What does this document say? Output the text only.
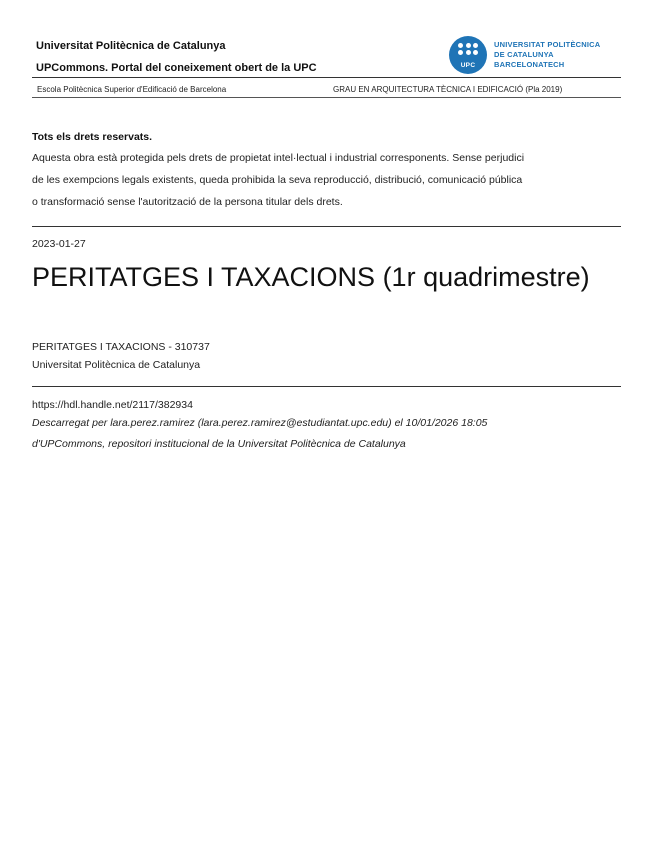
Universitat Politècnica de Catalunya
UPCommons. Portal del coneixement obert de la UPC	UPC
UNIVERSITAT POLITÈCNICA
DE CATALUNYA
BARCELONATECH
Escola Politècnica Superior d'Edificació de Barcelona	GRAU EN ARQUITECTURA TÈCNICA I EDIFICACIÓ (Pla 2019)
Tots els drets reservats.
Aquesta obra està protegida pels drets de propietat intel·lectual i industrial corresponents. Sense perjudici
de les exempcions legals existents, queda prohibida la seva reproducció, distribució, comunicació pública
o transformació sense l'autorització de la persona titular dels drets.
2023-01-27
PERITATGES I TAXACIONS (1r quadrimestre)
PERITATGES I TAXACIONS - 310737
Universitat Politècnica de Catalunya
https://hdl.handle.net/2117/382934
Descarregat per lara.perez.ramirez (lara.perez.ramirez@estudiantat.upc.edu) el 10/01/2026 18:05
d'UPCommons, repositori institucional de la Universitat Politècnica de Catalunya
